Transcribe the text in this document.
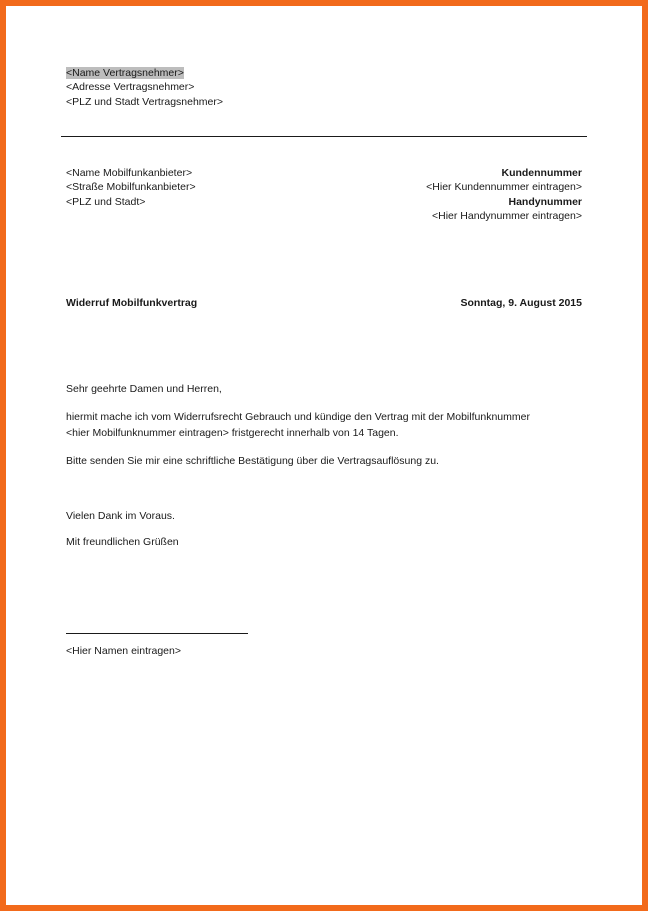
<Name Vertragsnehmer>
<Adresse Vertragsnehmer>
<PLZ und Stadt Vertragsnehmer>
<Name Mobilfunkanbieter>
<Straße Mobilfunkanbieter>
<PLZ und Stadt>
Kundennummer
<Hier Kundennummer eintragen>
Handynummer
<Hier Handynummer eintragen>
Widerruf Mobilfunkvertrag	Sonntag, 9. August 2015
Sehr geehrte Damen und Herren,
hiermit mache ich vom Widerrufsrecht Gebrauch und kündige den Vertrag mit der Mobilfunknummer
<hier Mobilfunknummer eintragen> fristgerecht innerhalb von 14 Tagen.
Bitte senden Sie mir eine schriftliche Bestätigung über die Vertragsauflösung zu.
Vielen Dank im Voraus.
Mit freundlichen Grüßen
<Hier Namen eintragen>
